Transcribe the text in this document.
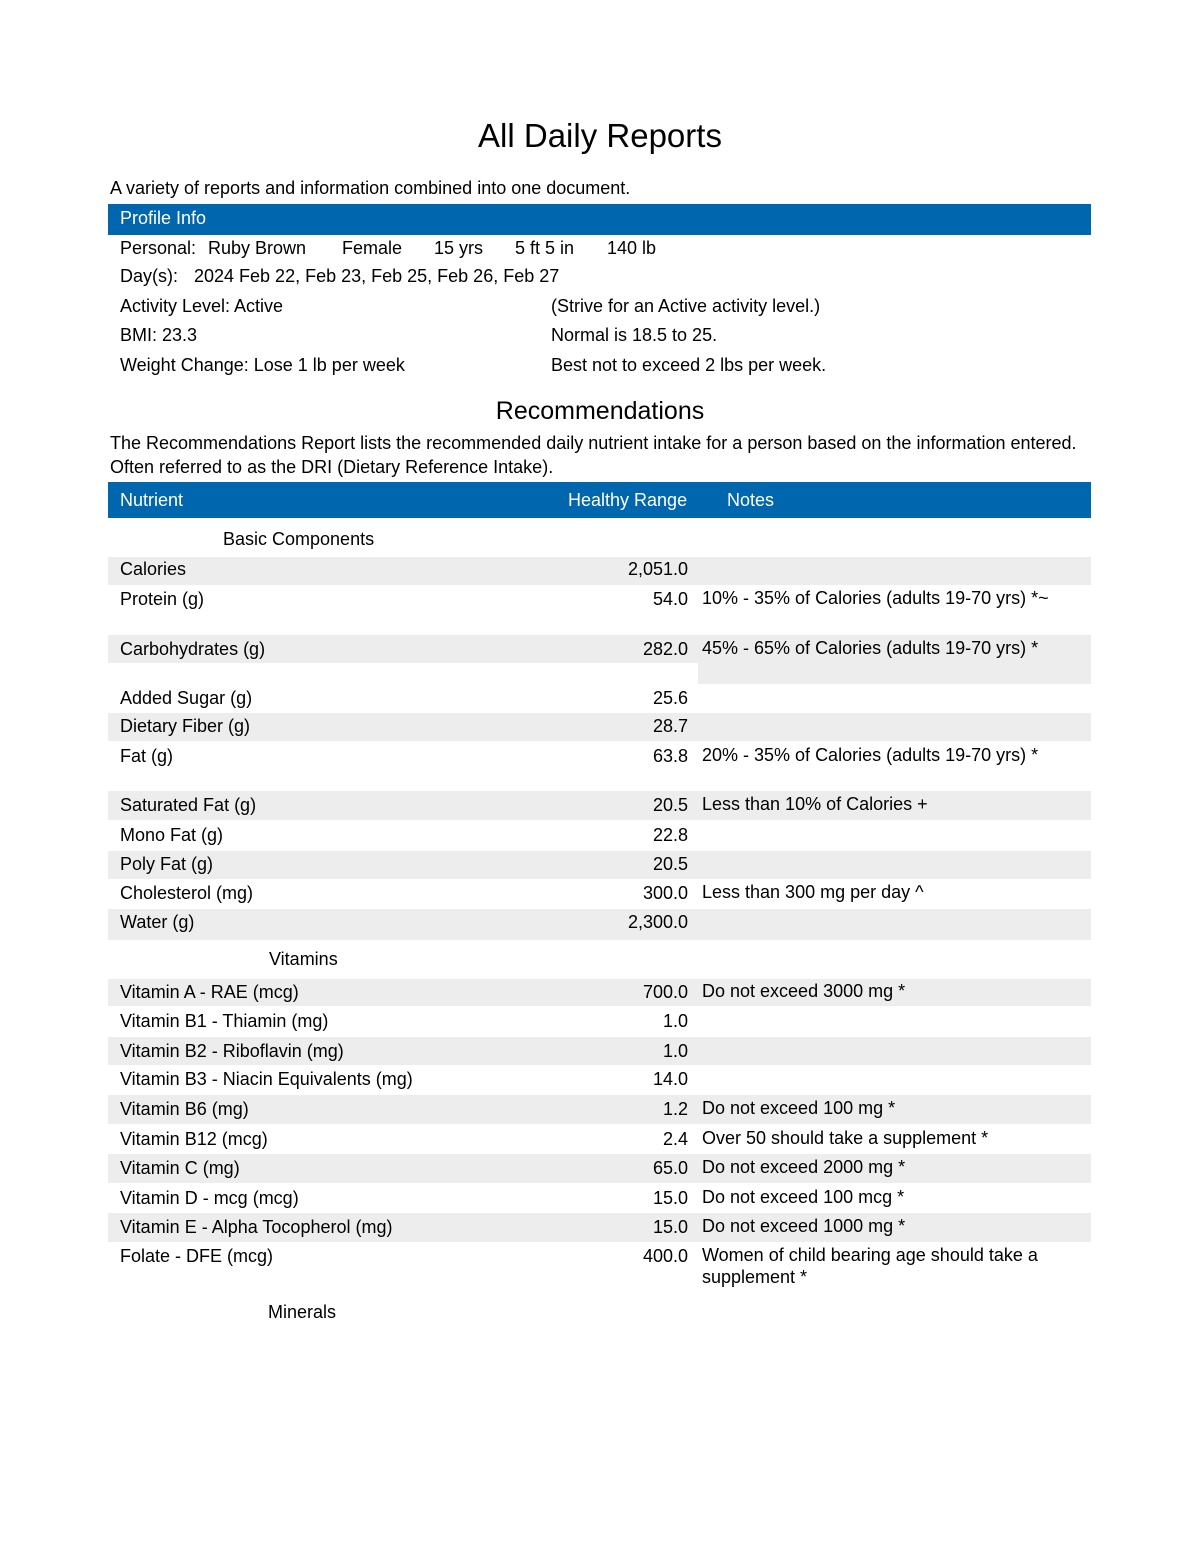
All Daily Reports
A variety of reports and information combined into one document.
Profile Info
Personal: Ruby Brown Female 15 yrs 5 ft 5 in 140 lb
Day(s): 2024 Feb 22, Feb 23, Feb 25, Feb 26, Feb 27
Activity Level: Active	(Strive for an Active activity level.)
BMI: 23.3	Normal is 18.5 to 25.
Weight Change: Lose 1 lb per week	Best not to exceed 2 lbs per week.
Recommendations
The Recommendations Report lists the recommended daily nutrient intake for a person based on the information entered. Often referred to as the DRI (Dietary Reference Intake).
Nutrient	Healthy Range Notes
Basic Components
Vitamins
Minerals
Calories	2,051.0
Protein (g)	54.0 10% - 35% of Calories (adults 19-70 yrs) *~
Carbohydrates (g)	282.0 45% - 65% of Calories (adults 19-70 yrs) *
Added Sugar (g)	25.6
Dietary Fiber (g)	28.7
Fat (g)	63.8 20% - 35% of Calories (adults 19-70 yrs) *
Saturated Fat (g)	20.5 Less than 10% of Calories +
Mono Fat (g)	22.8
Poly Fat (g)	20.5
Cholesterol (mg)	300.0 Less than 300 mg per day ^
Water (g)	2,300.0
Vitamin A - RAE (mcg)	700.0 Do not exceed 3000 mg *
Vitamin B1 - Thiamin (mg)	1.0
Vitamin B2 - Riboflavin (mg)	1.0
Vitamin B3 - Niacin Equivalents (mg)	14.0
Vitamin B6 (mg)	1.2 Do not exceed 100 mg *
Vitamin B12 (mcg)	2.4 Over 50 should take a supplement *
Vitamin C (mg)	65.0 Do not exceed 2000 mg *
Vitamin D - mcg (mcg)	15.0 Do not exceed 100 mcg *
Vitamin E - Alpha Tocopherol (mg)	15.0 Do not exceed 1000 mg *
Folate - DFE (mcg)	400.0 Women of child bearing age should take a supplement *
